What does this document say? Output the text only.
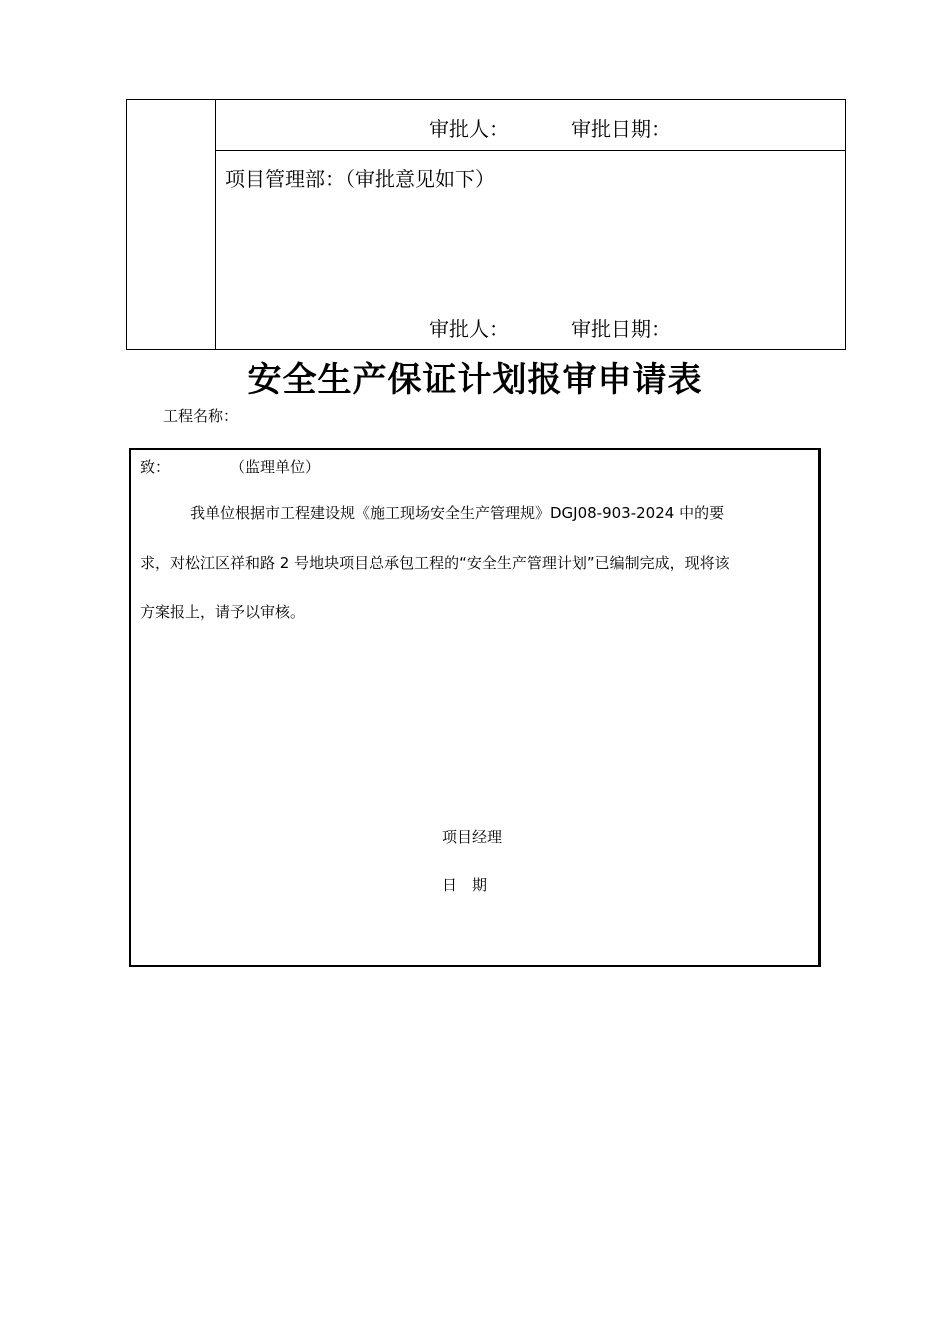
审批人：	审批日期：
项目管理部：（审批意见如下）
审批人：	审批日期：
安全生产保证计划报审申请表
工程名称：
致：	（监理单位）
我单位根据市工程建设规《施工现场安全生产管理规》DGJ08-903-2024 中的要
求，对松江区祥和路 2 号地块项目总承包工程的“安全生产管理计划”已编制完成，现将该
方案报上，请予以审核。
项目经理
日　期
